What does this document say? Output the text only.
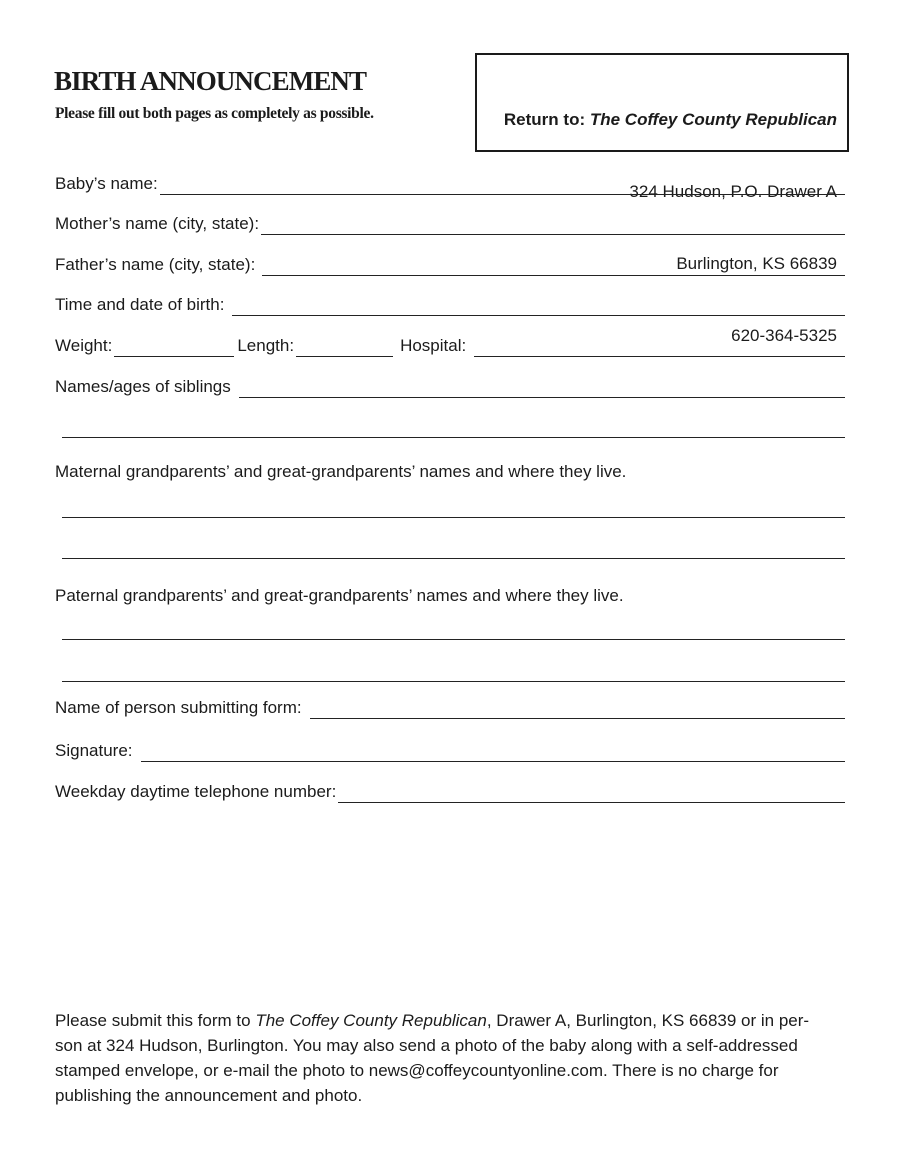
BIRTH ANNOUNCEMENT
Please fill out both pages as completely as possible.

	Return to: The Coffey County Republican

324 Hudson, P.O. Drawer A

Burlington, KS 66839

620-364-5325

Baby’s name:
Mother’s name (city, state):
Father’s name (city, state):
Time and date of birth:
Weight:	Length:	Hospital:
Names/ages of siblings
Maternal grandparents’ and great-grandparents’ names and where they live.
Paternal grandparents’ and great-grandparents’ names and where they live.
Name of person submitting form:
Signature:
Weekday daytime telephone number:
Please submit this form to The Coffey County Republican, Drawer A, Burlington, KS 66839 or in per-
son at 324 Hudson, Burlington. You may also send a photo of the baby along with a self-addressed
stamped envelope, or e-mail the photo to news@coffeycountyonline.com. There is no charge for
publishing the announcement and photo.
